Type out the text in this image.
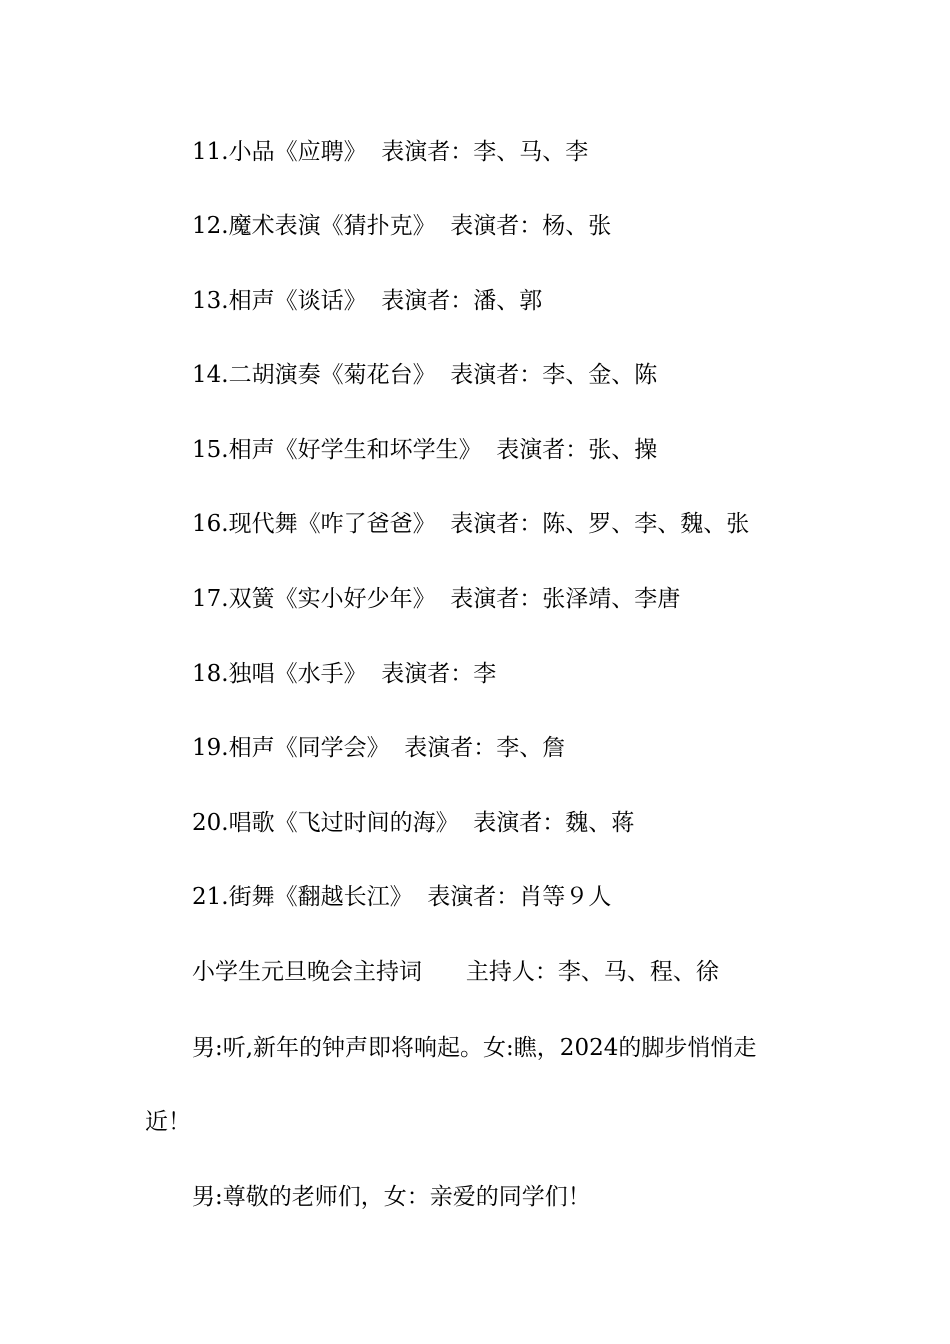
11.小品《应聘》  表演者：李、马、李
12.魔术表演《猜扑克》  表演者：杨、张
13.相声《谈话》  表演者：潘、郭
14.二胡演奏《菊花台》  表演者：李、金、陈
15.相声《好学生和坏学生》  表演者：张、操
16.现代舞《咋了爸爸》  表演者：陈、罗、李、魏、张
17.双簧《实小好少年》  表演者：张泽靖、李唐
18.独唱《水手》  表演者：李
19.相声《同学会》  表演者：李、詹
20.唱歌《飞过时间的海》  表演者：魏、蒋
21.街舞《翻越长江》  表演者：肖等９人
小学生元旦晚会主持词      主持人：李、马、程、徐
男:听,新年的钟声即将响起。女:瞧，2024的脚步悄悄走
近！
男:尊敬的老师们，女：亲爱的同学们！
